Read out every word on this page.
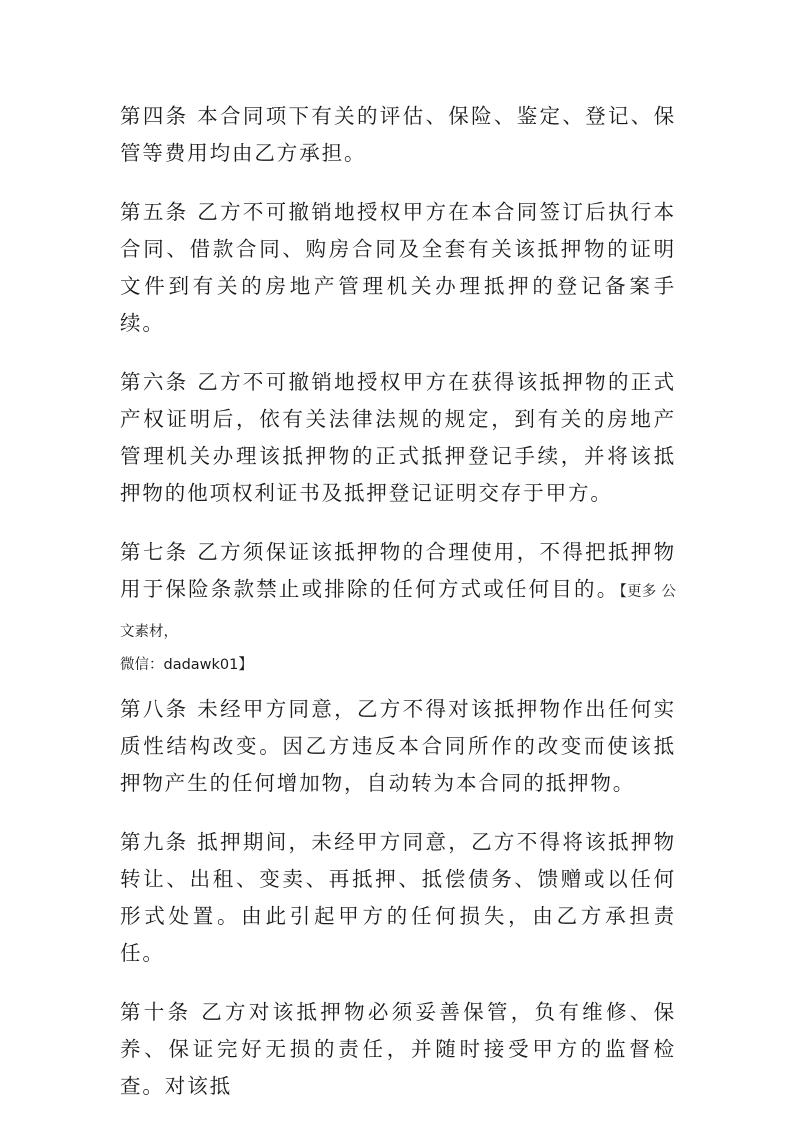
第四条 本合同项下有关的评估、保险、鉴定、登记、保管等费用均由乙方承担。

第五条 乙方不可撤销地授权甲方在本合同签订后执行本合同、借款合同、购房合同及全套有关该抵押物的证明文件到有关的房地产管理机关办理抵押的登记备案手续。

第六条 乙方不可撤销地授权甲方在获得该抵押物的正式产权证明后，依有关法律法规的规定，到有关的房地产管理机关办理该抵押物的正式抵押登记手续，并将该抵押物的他项权利证书及抵押登记证明交存于甲方。

第七条 乙方须保证该抵押物的合理使用，不得把抵押物用于保险条款禁止或排除的任何方式或任何目的。【更多 公文素材，
微信：dadawk01】

第八条 未经甲方同意，乙方不得对该抵押物作出任何实质性结构改变。因乙方违反本合同所作的改变而使该抵押物产生的任何增加物，自动转为本合同的抵押物。

第九条 抵押期间，未经甲方同意，乙方不得将该抵押物转让、出租、变卖、再抵押、抵偿债务、馈赠或以任何形式处置。由此引起甲方的任何损失，由乙方承担责任。

第十条 乙方对该抵押物必须妥善保管，负有维修、保养、保证完好无损的责任，并随时接受甲方的监督检查。对该抵
